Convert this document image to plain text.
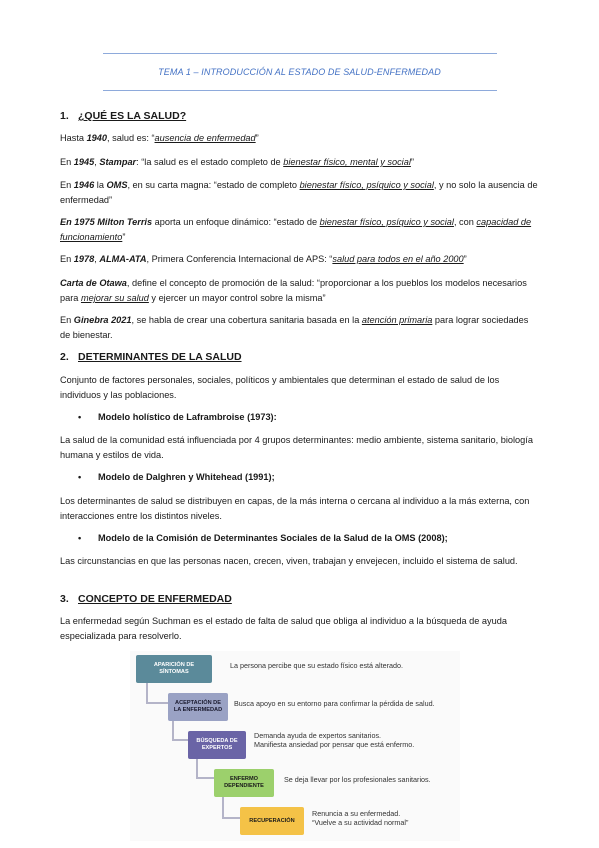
TEMA 1 – INTRODUCCIÓN AL ESTADO DE SALUD-ENFERMEDAD
1. ¿QUÉ ES LA SALUD?
Hasta 1940, salud es: “ausencia de enfermedad”
En 1945, Stampar: “la salud es el estado completo de bienestar físico, mental y social”
En 1946 la OMS, en su carta magna: “estado de completo bienestar físico, psíquico y social, y no solo la ausencia de enfermedad”
En 1975 Milton Terris aporta un enfoque dinámico: “estado de bienestar físico, psíquico y social, con capacidad de funcionamiento”
En 1978, ALMA-ATA, Primera Conferencia Internacional de APS: “salud para todos en el año 2000”
Carta de Otawa, define el concepto de promoción de la salud: “proporcionar a los pueblos los modelos necesarios para mejorar su salud y ejercer un mayor control sobre la misma”
En Ginebra 2021, se habla de crear una cobertura sanitaria basada en la atención primaria para lograr sociedades de bienestar.
2. DETERMINANTES DE LA SALUD
Conjunto de factores personales, sociales, políticos y ambientales que determinan el estado de salud de los individuos y las poblaciones.
• Modelo holístico de Laframbroise (1973):
La salud de la comunidad está influenciada por 4 grupos determinantes: medio ambiente, sistema sanitario, biología humana y estilos de vida.
• Modelo de Dalghren y Whitehead (1991);
Los determinantes de salud se distribuyen en capas, de la más interna o cercana al individuo a la más externa, con interacciones entre los distintos niveles.
• Modelo de la Comisión de Determinantes Sociales de la Salud de la OMS (2008);
Las circunstancias en que las personas nacen, crecen, viven, trabajan y envejecen, incluido el sistema de salud.
3. CONCEPTO DE ENFERMEDAD
La enfermedad según Suchman es el estado de falta de salud que obliga al individuo a la búsqueda de ayuda especializada para resolverlo.
APARICIÓN DE SÍNTOMAS
La persona percibe que su estado físico está alterado.
ACEPTACIÓN DE LA ENFERMEDAD
Busca apoyo en su entorno para confirmar la pérdida de salud.
BÚSQUEDA DE EXPERTOS
Demanda ayuda de expertos sanitarios.
Manifiesta ansiedad por pensar que está enfermo.
ENFERMO DEPENDIENTE
Se deja llevar por los profesionales sanitarios.
RECUPERACIÓN
Renuncia a su enfermedad.
“Vuelve a su actividad normal”
